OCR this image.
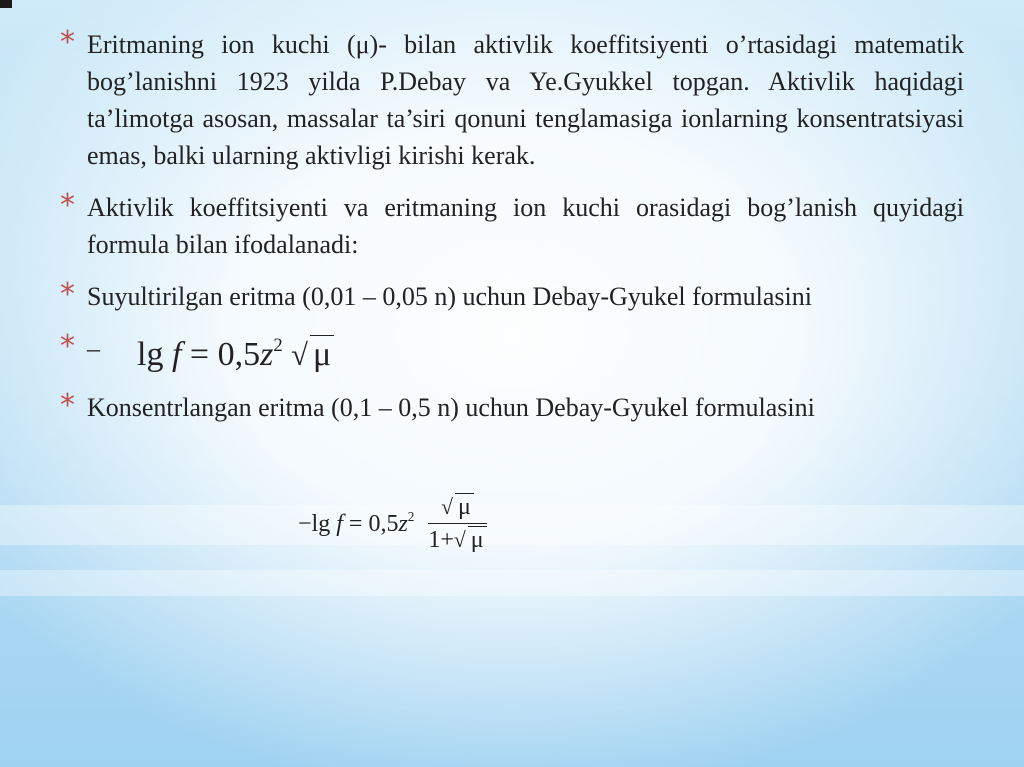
* Eritmaning ion kuchi (μ)- bilan aktivlik koeffitsiyenti o’rtasidagi matematik bog’lanishni 1923 yilda P.Debay va Ye.Gyukkel topgan. Aktivlik haqidagi ta’limotga asosan, massalar ta’siri qonuni tenglamasiga ionlarning konsentratsiyasi emas, balki ularning aktivligi kirishi kerak.
* Aktivlik koeffitsiyenti va eritmaning ion kuchi orasidagi bog’lanish quyidagi formula bilan ifodalanadi:
* Suyultirilgan eritma (0,01 – 0,05 n) uchun Debay-Gyukel formulasini
* – $\lg f = 0,5z^2$ √ μ
* Konsentrlangan eritma (0,1 – 0,5 n) uchun Debay-Gyukel formulasini
−lg $f = 0,5z^2 \frac{√ \mu}{1+√ \mu}$
